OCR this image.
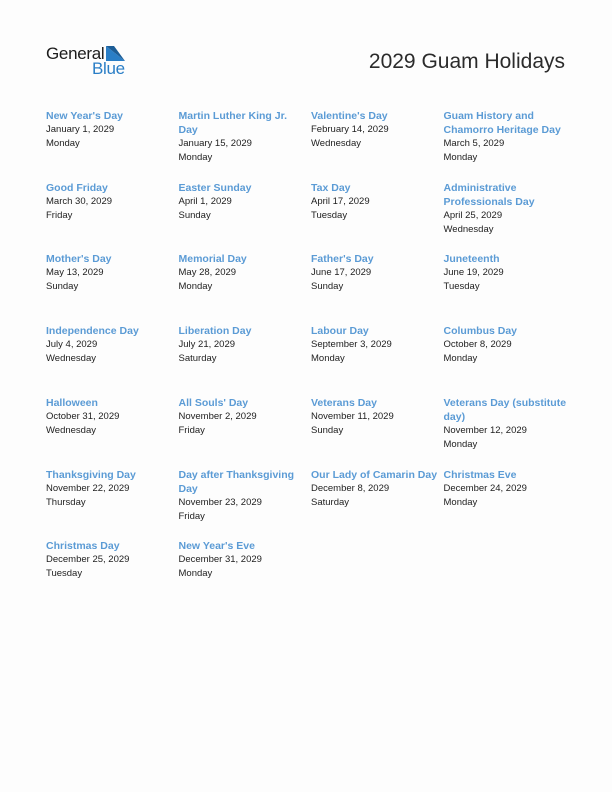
General
Blue	2029 Guam Holidays
New Year's Day
January 1, 2029
Monday
Martin Luther King Jr. Day
January 15, 2029
Monday
Valentine's Day
February 14, 2029
Wednesday
Guam History and Chamorro Heritage Day
March 5, 2029
Monday
Good Friday
March 30, 2029
Friday
Easter Sunday
April 1, 2029
Sunday
Tax Day
April 17, 2029
Tuesday
Administrative Professionals Day
April 25, 2029
Wednesday
Mother's Day
May 13, 2029
Sunday
Memorial Day
May 28, 2029
Monday
Father's Day
June 17, 2029
Sunday
Juneteenth
June 19, 2029
Tuesday
Independence Day
July 4, 2029
Wednesday
Liberation Day
July 21, 2029
Saturday
Labour Day
September 3, 2029
Monday
Columbus Day
October 8, 2029
Monday
Halloween
October 31, 2029
Wednesday
All Souls' Day
November 2, 2029
Friday
Veterans Day
November 11, 2029
Sunday
Veterans Day (substitute day)
November 12, 2029
Monday
Thanksgiving Day
November 22, 2029
Thursday
Day after Thanksgiving Day
November 23, 2029
Friday
Our Lady of Camarin Day
December 8, 2029
Saturday
Christmas Eve
December 24, 2029
Monday
Christmas Day
December 25, 2029
Tuesday
New Year's Eve
December 31, 2029
Monday
